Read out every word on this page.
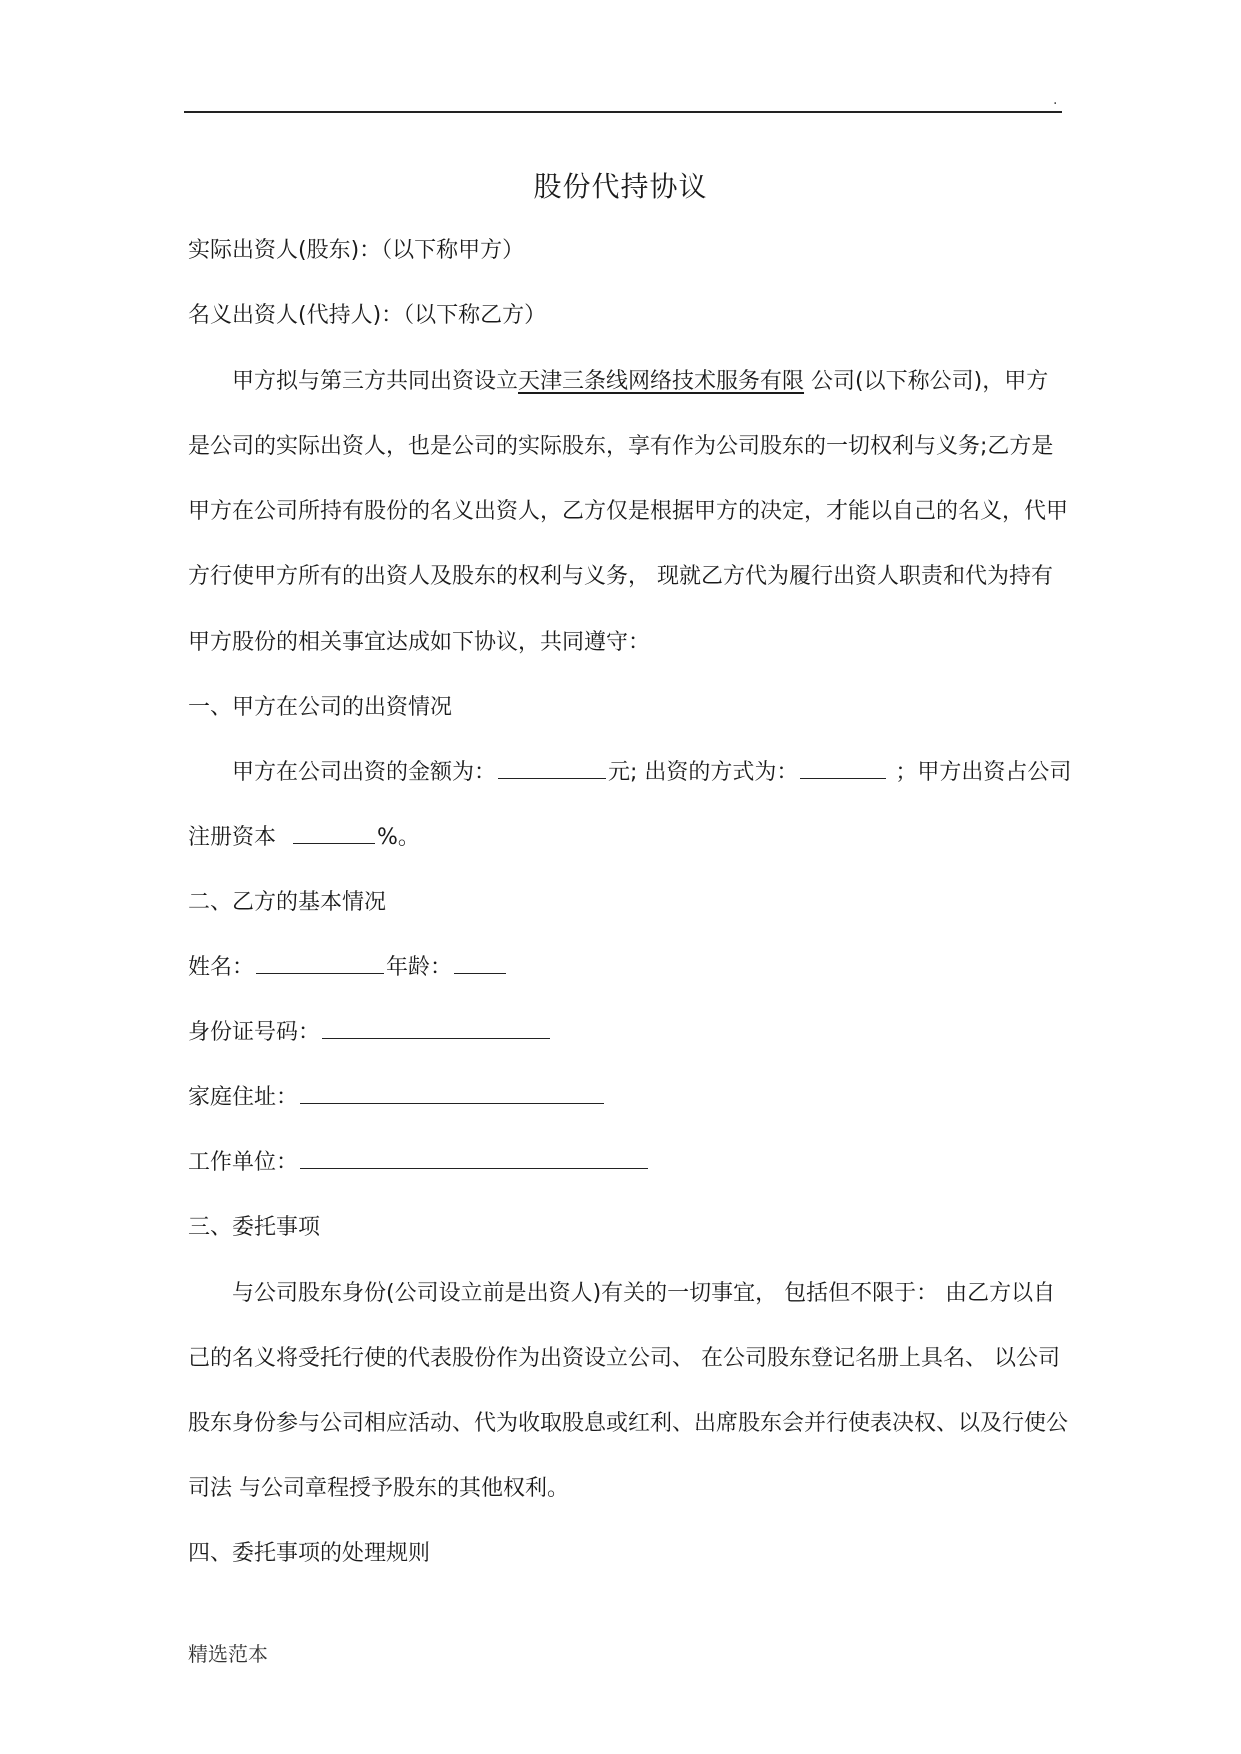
.
股份代持协议
实际出资人(股东)：（以下称甲方）
名义出资人(代持人)：（以下称乙方）
甲方拟与第三方共同出资设立天津三条线网络技术服务有限 公司(以下称公司)，甲方
是公司的实际出资人，也是公司的实际股东，享有作为公司股东的一切权利与义务;乙方是
甲方在公司所持有股份的名义出资人，乙方仅是根据甲方的决定，才能以自己的名义，代甲
方行使甲方所有的出资人及股东的权利与义务， 现就乙方代为履行出资人职责和代为持有
甲方股份的相关事宜达成如下协议，共同遵守：
一、甲方在公司的出资情况
甲方在公司出资的金额为：	元; 出资的方式为：	；甲方出资占公司
注册资本	%。
二、乙方的基本情况
姓名：	年龄：
身份证号码：
家庭住址：
工作单位：
三、委托事项
与公司股东身份(公司设立前是出资人)有关的一切事宜， 包括但不限于： 由乙方以自
己的名义将受托行使的代表股份作为出资设立公司、 在公司股东登记名册上具名、 以公司
股东身份参与公司相应活动、代为收取股息或红利、出席股东会并行使表决权、以及行使公
司法 与公司章程授予股东的其他权利。
四、委托事项的处理规则
精选范本
